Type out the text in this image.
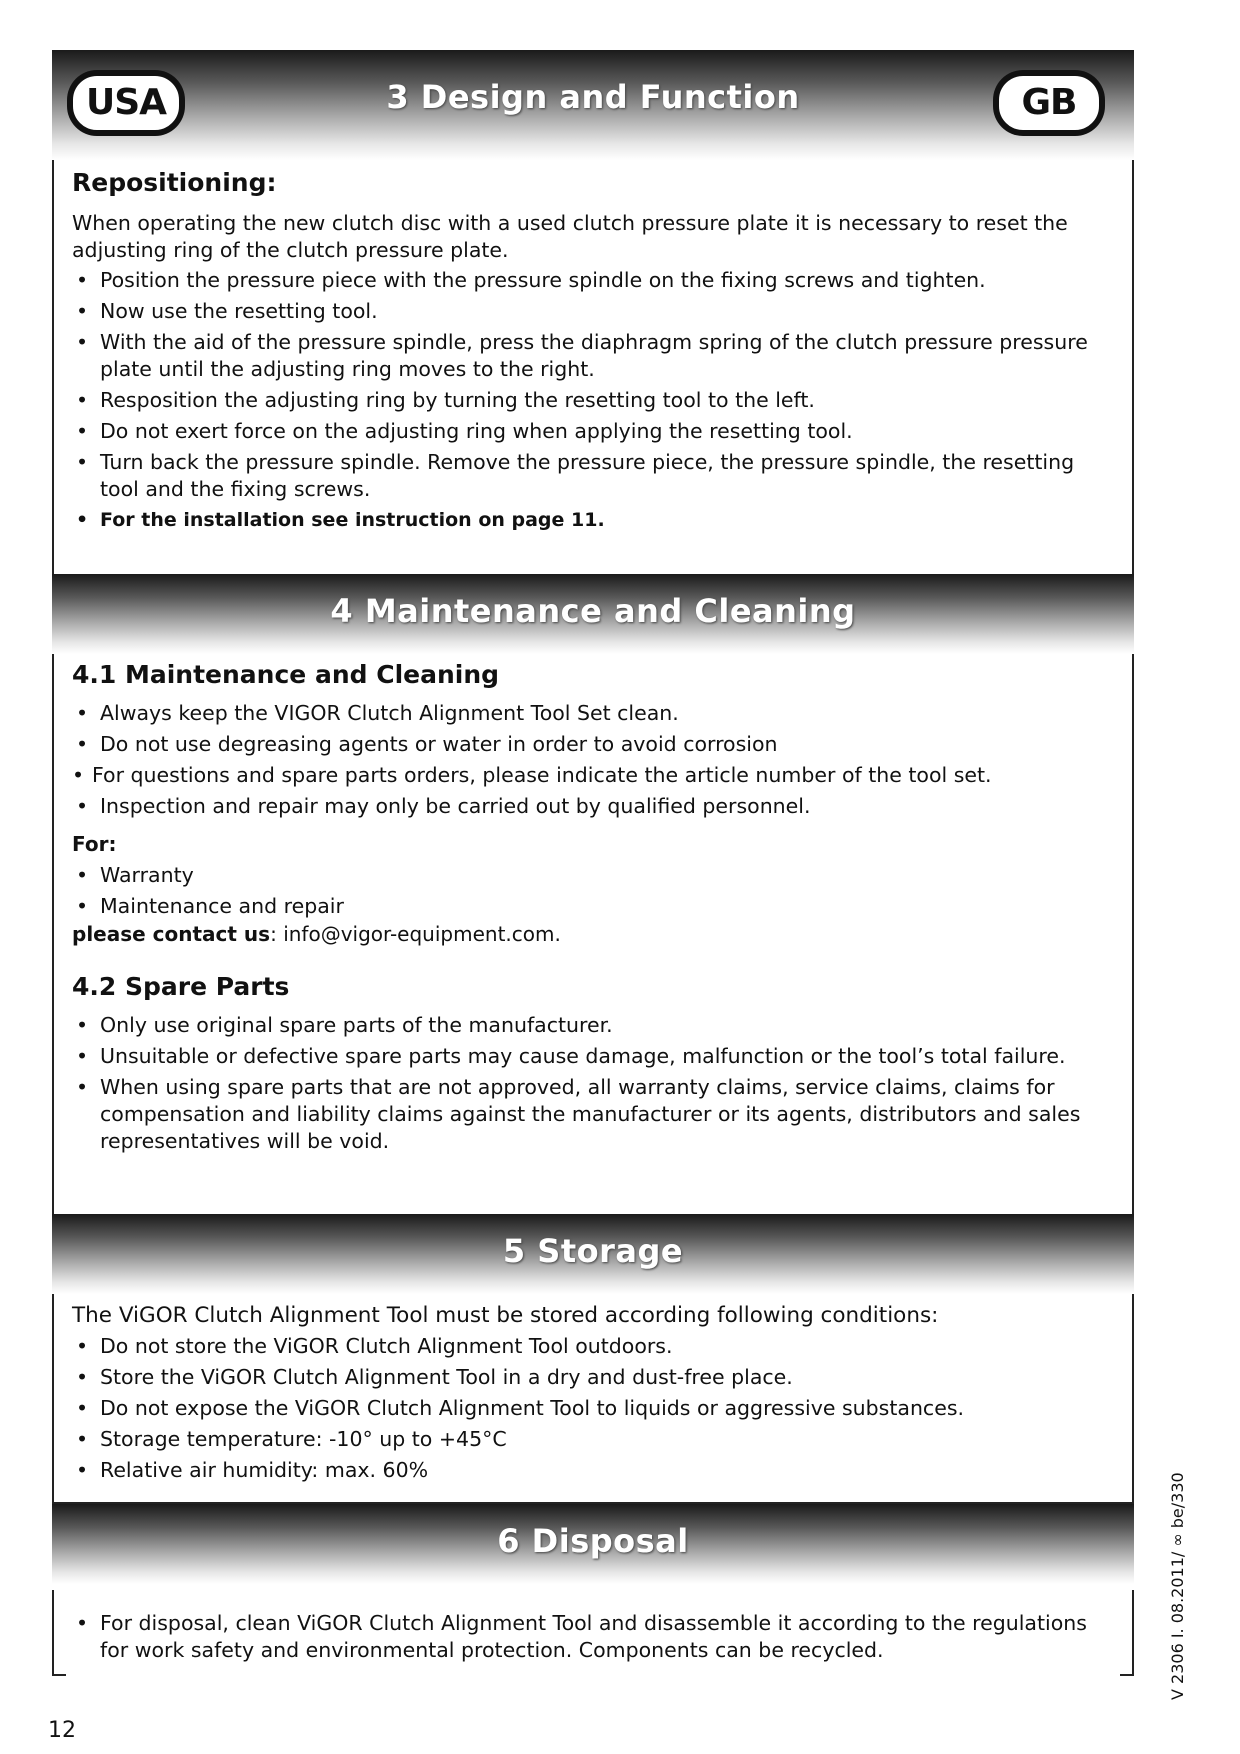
USA	GB
3 Design and Function
Repositioning:

When operating the new clutch disc with a used clutch pressure plate it is necessary to reset the adjusting ring of the clutch pressure plate.

• Position the pressure piece with the pressure spindle on the fixing screws and tighten.
• Now use the resetting tool.
• With the aid of the pressure spindle, press the diaphragm spring of the clutch pressure pressure plate until the adjusting ring moves to the right.
• Resposition the adjusting ring by turning the resetting tool to the left.
• Do not exert force on the adjusting ring when applying the resetting tool.
• Turn back the pressure spindle. Remove the pressure piece, the pressure spindle, the resetting tool and the fixing screws.
• For the installation see instruction on page 11.
4 Maintenance and Cleaning
4.1 Maintenance and Cleaning
• Always keep the VIGOR Clutch Alignment Tool Set clean.
• Do not use degreasing agents or water in order to avoid corrosion
• For questions and spare parts orders, please indicate the article number of the tool set.
• Inspection and repair may only be carried out by qualified personnel.
For:
• Warranty
• Maintenance and repair
please contact us: info@vigor-equipment.com.
4.2 Spare Parts
• Only use original spare parts of the manufacturer.
• Unsuitable or defective spare parts may cause damage, malfunction or the tool’s total failure.
• When using spare parts that are not approved, all warranty claims, service claims, claims for compensation and liability claims against the manufacturer or its agents, distributors and sales representatives will be void.
5 Storage

The ViGOR Clutch Alignment Tool must be stored according following conditions:

• Do not store the ViGOR Clutch Alignment Tool outdoors.
• Store the ViGOR Clutch Alignment Tool in a dry and dust-free place.
• Do not expose the ViGOR Clutch Alignment Tool to liquids or aggressive substances.
• Storage temperature: -10° up to +45°C
• Relative air humidity: max. 60%
6 Disposal
• For disposal, clean ViGOR Clutch Alignment Tool and disassemble it according to the regulations for work safety and environmental protection. Components can be recycled.
12
V 2306 I. 08.2011/ ∞ be/330
